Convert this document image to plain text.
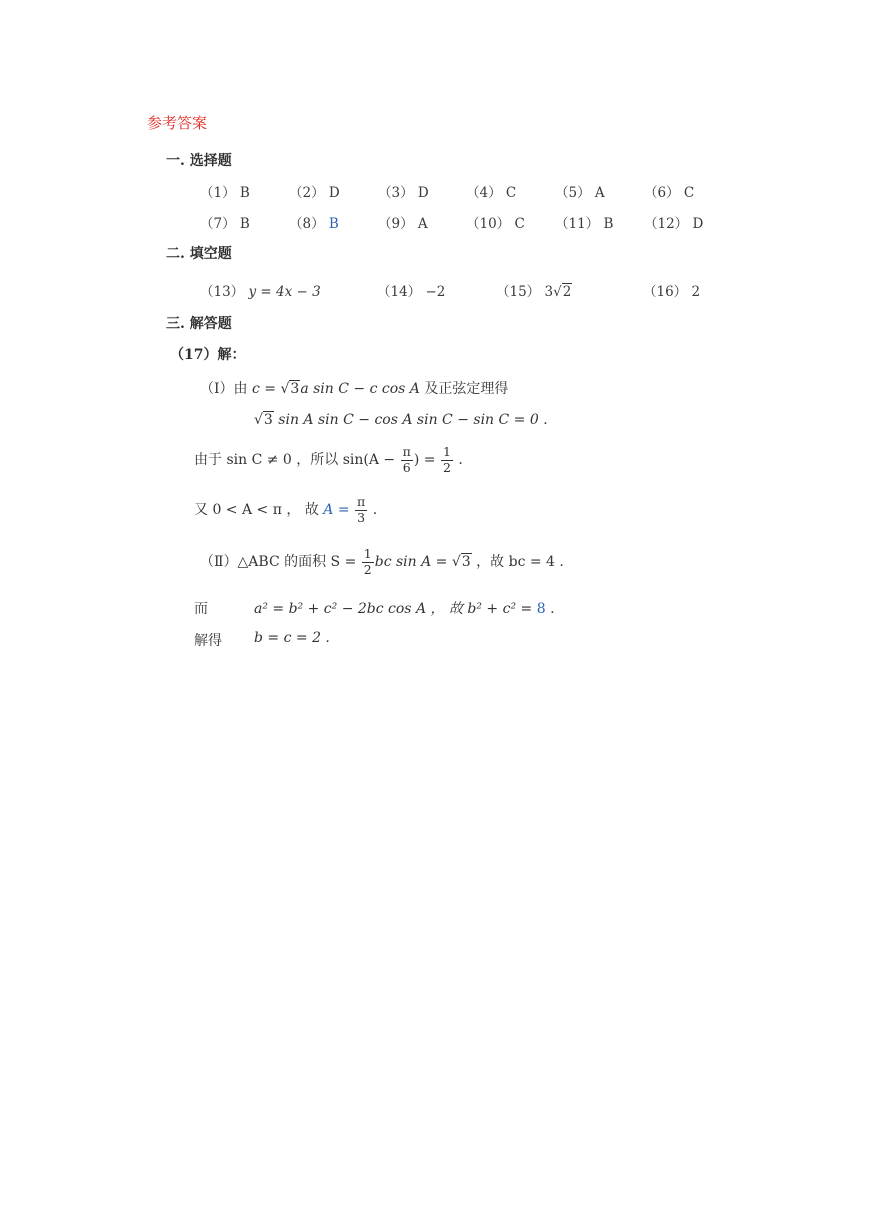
参考答案
一. 选择题
（1） B	（2） D	（3） D	（4） C	（5） A	（6） C
（7） B	（8） B	（9） A	（10） C （11） B （12） D
二. 填空题
（13） y = 4x − 3	（14） −2	（15） 3√2	（16） 2
三. 解答题
（17）解：
（Ⅰ）由 c = √3a sin C − c cos A 及正弦定理得
√3 sin A sin C − cos A sin C − sin C = 0 .
由于 sin C ≠ 0 ，所以 $\sin(A - \frac{\pi}{6}$ ) = $\frac{1}{2}$ .
又 0 < A < π ， 故 $A = \frac{\pi}{3}$ .
（Ⅱ）△ABC 的面积 $S = \frac{1}{2}$ bc sin A = √3 ，故 bc = 4 .
而	a² = b² + c² − 2bc cos A ， 故 b² + c² = 8 .
解得 b = c = 2 .
